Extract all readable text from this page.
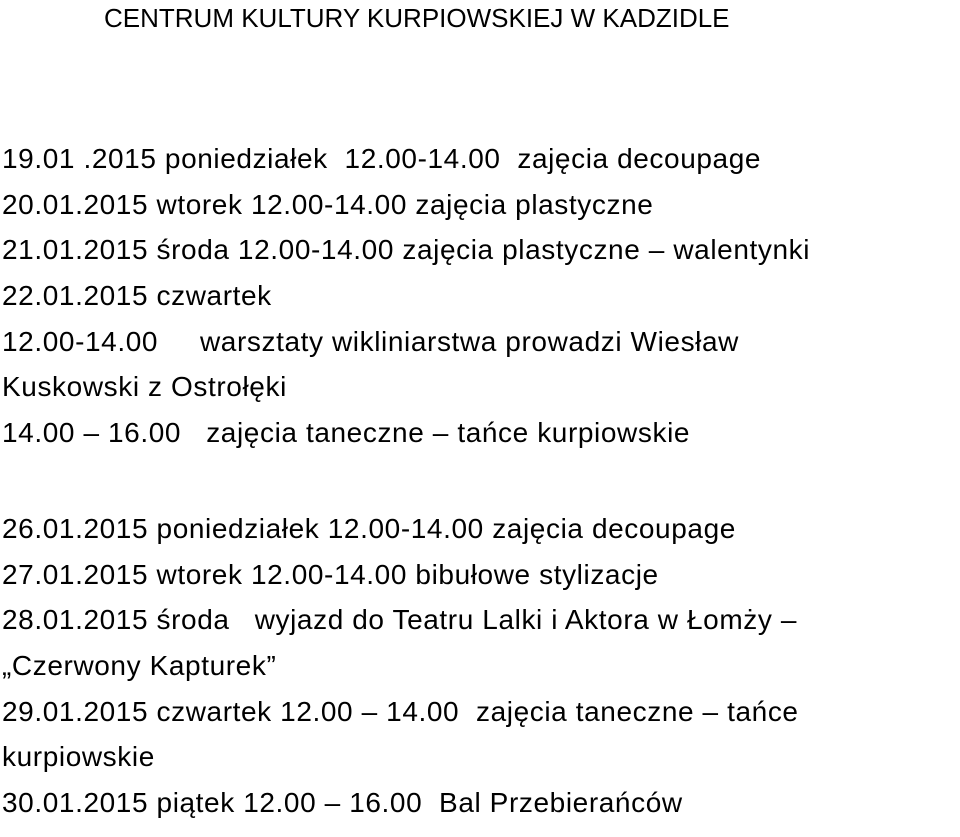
CENTRUM KULTURY KURPIOWSKIEJ W KADZIDLE
19.01 .2015 poniedziałek  12.00-14.00  zajęcia decoupage
20.01.2015 wtorek 12.00-14.00 zajęcia plastyczne
21.01.2015 środa 12.00-14.00 zajęcia plastyczne – walentynki
22.01.2015 czwartek
12.00-14.00     warsztaty wikliniarstwa prowadzi Wiesław
Kuskowski z Ostrołęki
14.00 – 16.00   zajęcia taneczne – tańce kurpiowskie
26.01.2015 poniedziałek 12.00-14.00 zajęcia decoupage
27.01.2015 wtorek 12.00-14.00 bibułowe stylizacje
28.01.2015 środa   wyjazd do Teatru Lalki i Aktora w Łomży –
„Czerwony Kapturek”
29.01.2015 czwartek 12.00 – 14.00  zajęcia taneczne – tańce
kurpiowskie
30.01.2015 piątek 12.00 – 16.00  Bal Przebierańców
